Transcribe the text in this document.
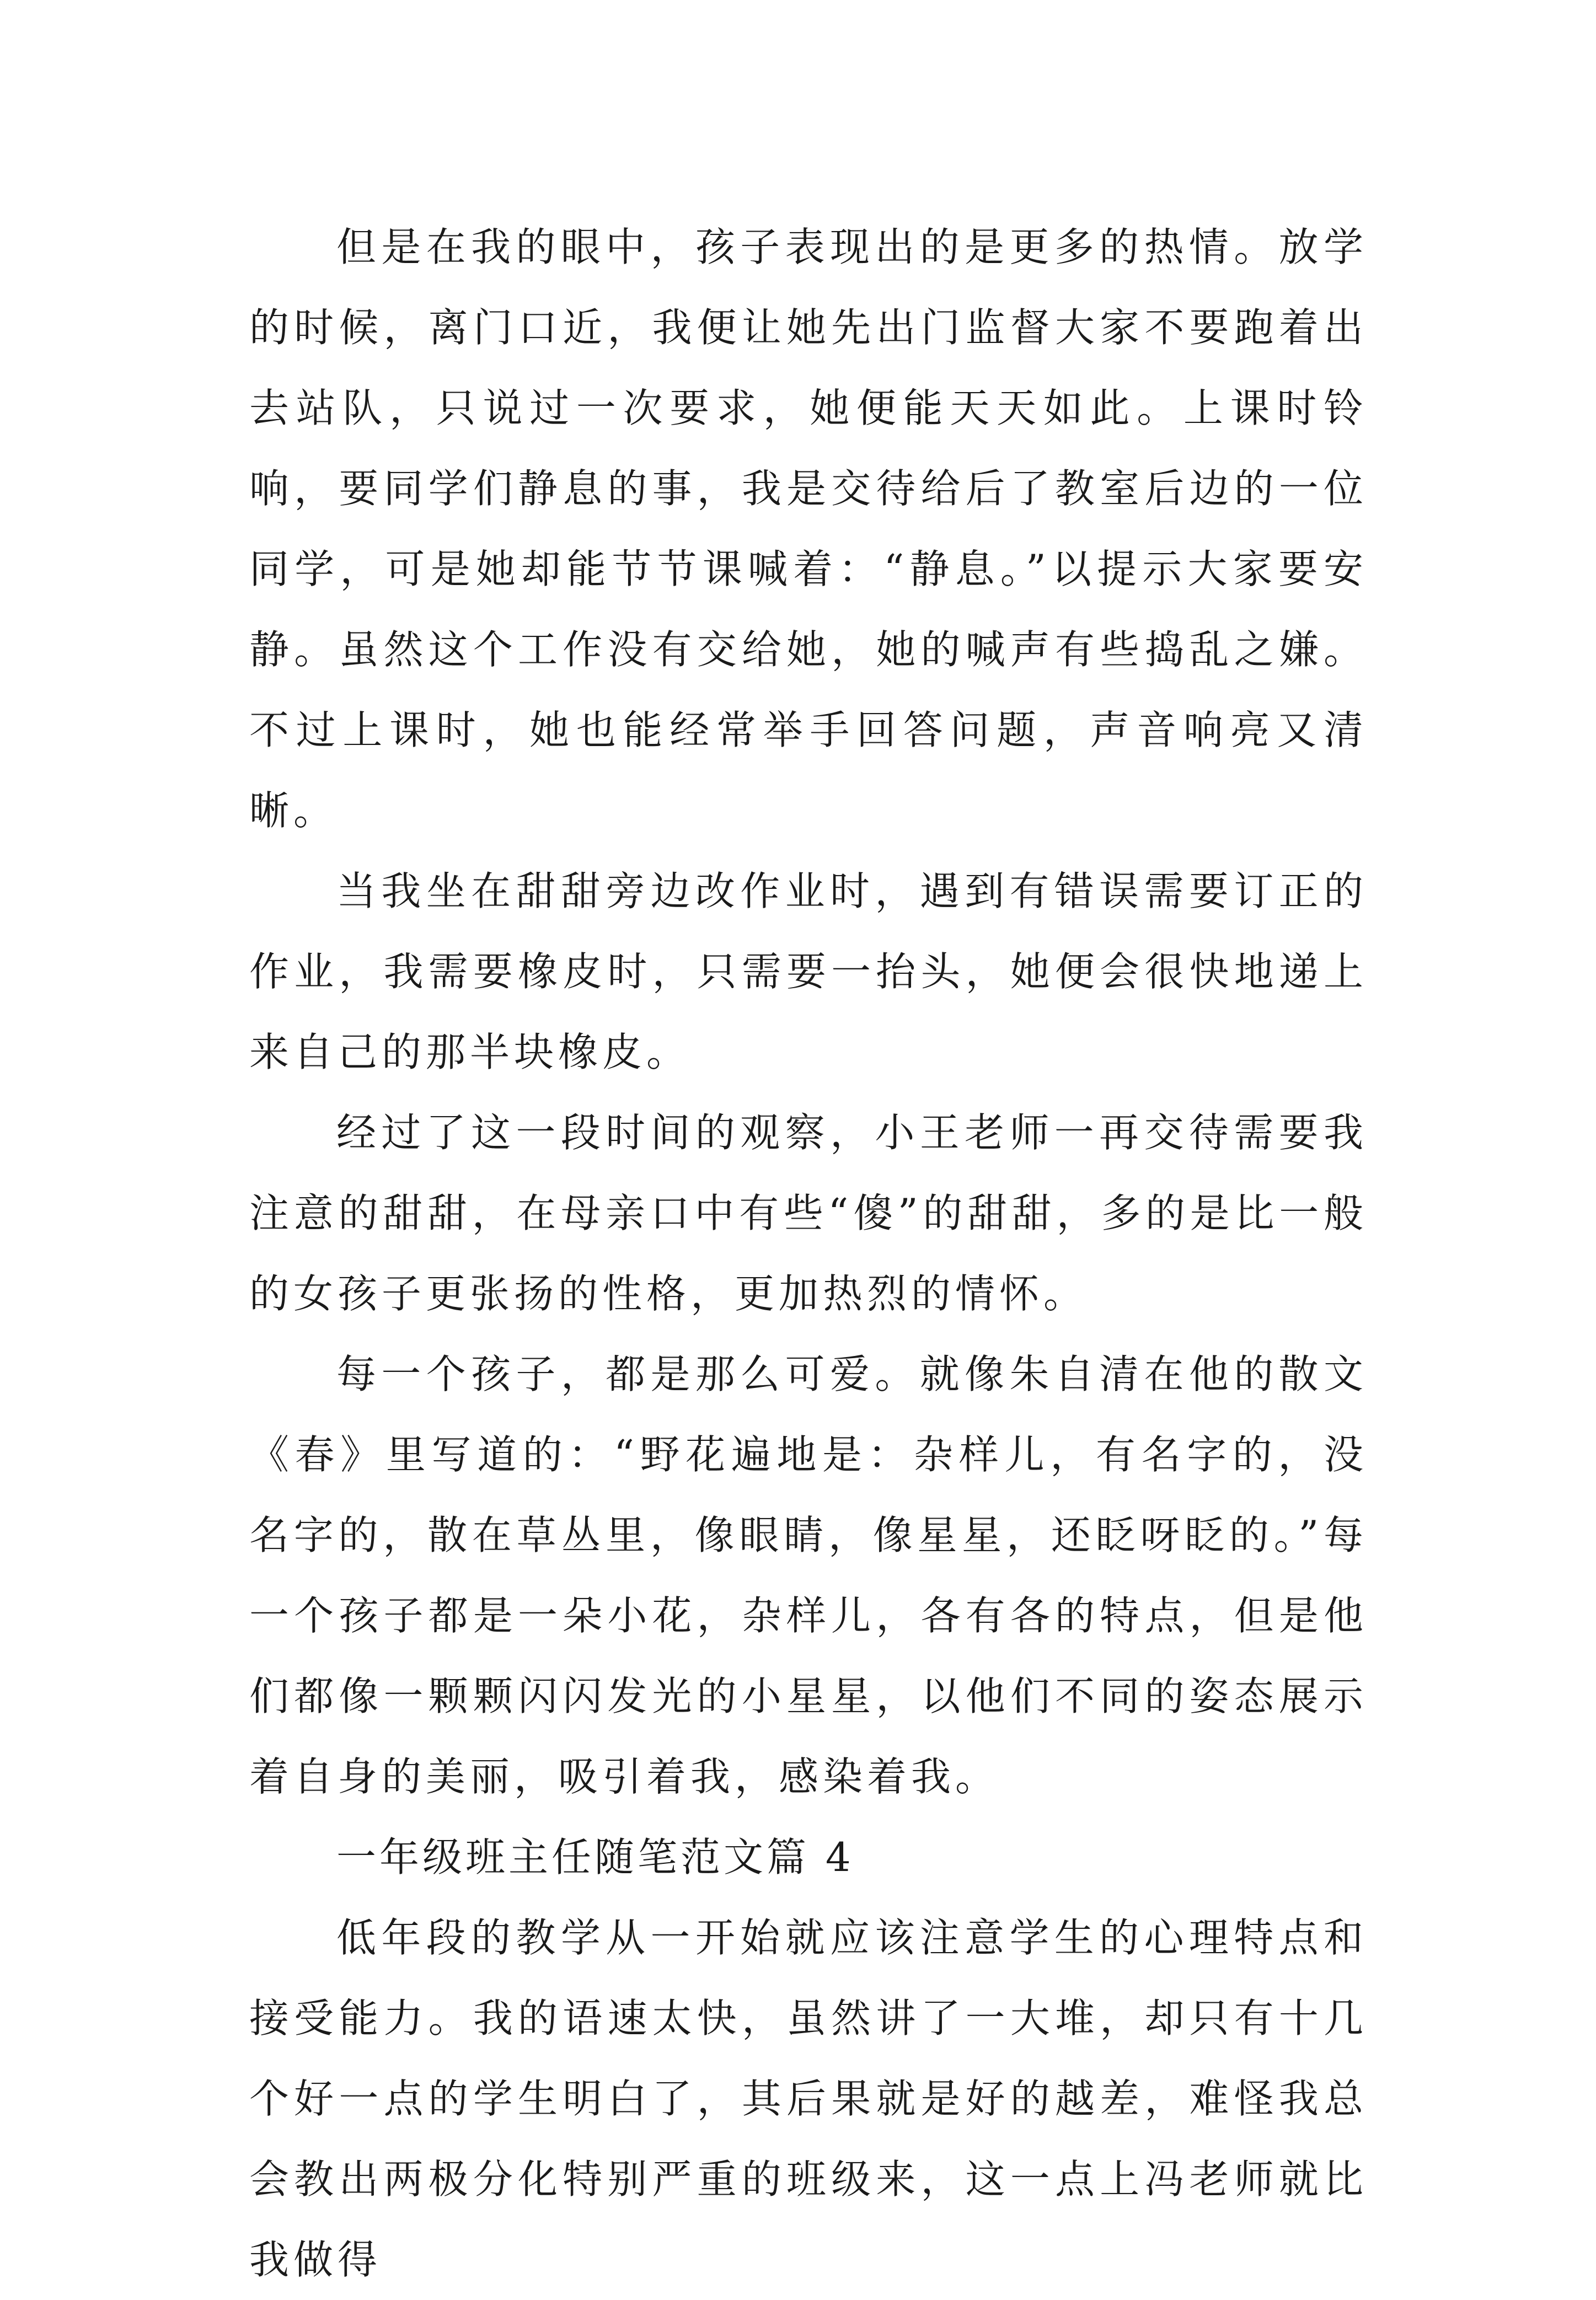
但是在我的眼中，孩子表现出的是更多的热情。放学的时候，离门口近，我便让她先出门监督大家不要跑着出去站队，只说过一次要求，她便能天天如此。上课时铃响，要同学们静息的事，我是交待给后了教室后边的一位同学，可是她却能节节课喊着：“静息。”以提示大家要安静。虽然这个工作没有交给她，她的喊声有些捣乱之嫌。不过上课时，她也能经常举手回答问题，声音响亮又清晰。

当我坐在甜甜旁边改作业时，遇到有错误需要订正的作业，我需要橡皮时，只需要一抬头，她便会很快地递上来自己的那半块橡皮。

经过了这一段时间的观察，小王老师一再交待需要我注意的甜甜，在母亲口中有些“傻”的甜甜，多的是比一般的女孩子更张扬的性格，更加热烈的情怀。

每一个孩子，都是那么可爱。就像朱自清在他的散文《春》里写道的：“野花遍地是：杂样儿，有名字的，没名字的，散在草丛里，像眼睛，像星星，还眨呀眨的。”每一个孩子都是一朵小花，杂样儿，各有各的特点，但是他们都像一颗颗闪闪发光的小星星，以他们不同的姿态展示着自身的美丽，吸引着我，感染着我。

一年级班主任随笔范文篇 4

低年段的教学从一开始就应该注意学生的心理特点和接受能力。我的语速太快，虽然讲了一大堆，却只有十几个好一点的学生明白了，其后果就是好的越差，难怪我总会教出两极分化特别严重的班级来，这一点上冯老师就比我做得
